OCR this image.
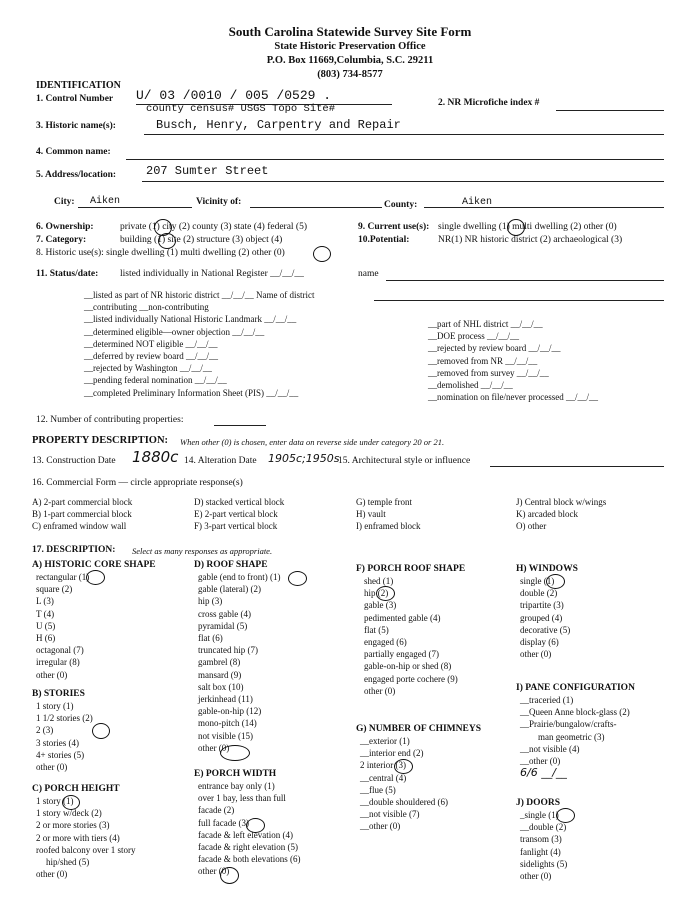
South Carolina Statewide Survey Site Form
State Historic Preservation Office
P.O. Box 11669,Columbia, S.C. 29211
(803) 734-8577
IDENTIFICATION
1. Control Number U/ 03 /0010 / 005 /0529 .
county census# USGS Topo Site#	2. NR Microfiche index #
3. Historic name(s):	Busch, Henry, Carpentry and Repair
4. Common name:
5. Address/location: 207 Sumter Street
City: Aiken	Vicinity of:	County:	Aiken
6. Ownership:	private (1) city (2) county (3) state (4) federal (5)
7. Category:	building (1) site (2) structure (3) object (4)
8. Historic use(s): single dwelling (1) multi dwelling (2) other (0)
9. Current use(s): single dwelling (1) multi dwelling (2) other (0)
10.Potential:	NR(1) NR historic district (2) archaeological (3)
11. Status/date: listed individually in National Register __/__/__	name
__listed as part of NR historic district __/__/__ Name of district
__contributing __non-contributing
__listed individually National Historic Landmark __/__/__
__determined eligible—owner objection __/__/__
__determined NOT eligible __/__/__
__deferred by review board __/__/__
__rejected by Washington __/__/__
__pending federal nomination __/__/__
__completed Preliminary Information Sheet (PIS) __/__/__
__part of NHL district __/__/__
__DOE process __/__/__
__rejected by review board __/__/__
__removed from NR __/__/__
__removed from survey __/__/__
__demolished __/__/__
__nomination on file/never processed __/__/__
12. Number of contributing properties:
PROPERTY DESCRIPTION: When other (0) is chosen, enter data on reverse side under category 20 or 21.
13. Construction Date 1880c 14. Alteration Date 1905c;1950s
15. Architectural style or influence
16. Commercial Form — circle appropriate response(s)
A) 2-part commercial block
B) 1-part commercial block
C) enframed window wall
D) stacked vertical block
E) 2-part vertical block
F) 3-part vertical block
G) temple front
H) vault
I) enframed block
J) Central block w/wings
K) arcaded block
O) other
17. DESCRIPTION: Select as many responses as appropriate.
A) HISTORIC CORE SHAPE
rectangular (1)
square (2)
L (3)
T (4)
U (5)
H (6)
octagonal (7)
irregular (8)
other (0)
B) STORIES
1 story (1)
1 1/2 stories (2)
2 (3)
3 stories (4)
4+ stories (5)
other (0)
C) PORCH HEIGHT
1 story (1)
1 story w/deck (2)
2 or more stories (3)
2 or more with tiers (4)
roofed balcony over 1 story
hip/shed (5)
other (0)
D) ROOF SHAPE
gable (end to front) (1)
gable (lateral) (2)
hip (3)
cross gable (4)
pyramidal (5)
flat (6)
truncated hip (7)
gambrel (8)
mansard (9)
salt box (10)
jerkinhead (11)
gable-on-hip (12)
mono-pitch (14)
not visible (15)
other (0)
E) PORCH WIDTH
entrance bay only (1)
over 1 bay, less than full
facade (2)
full facade (3)
facade & left elevation (4)
facade & right elevation (5)
facade & both elevations (6)
other (0)
F) PORCH ROOF SHAPE
shed (1)
hip (2)
gable (3)
pedimented gable (4)
flat (5)
engaged (6)
partially engaged (7)
gable-on-hip or shed (8)
engaged porte cochere (9)
other (0)
G) NUMBER OF CHIMNEYS
__exterior (1)
__interior end (2)
2 interior (3)
__central (4)
__flue (5)
__double shouldered (6)
__not visible (7)
__other (0)
H) WINDOWS
single (1)
double (2)
tripartite (3)
grouped (4)
decorative (5)
display (6)
other (0)
I) PANE CONFIGURATION
__traceried (1)
__Queen Anne block-glass (2)
__Prairie/bungalow/crafts-
man geometric (3)
__not visible (4)
__other (0)
6/6 __/__
J) DOORS
_single (1)
__double (2)
transom (3)
fanlight (4)
sidelights (5)
other (0)
